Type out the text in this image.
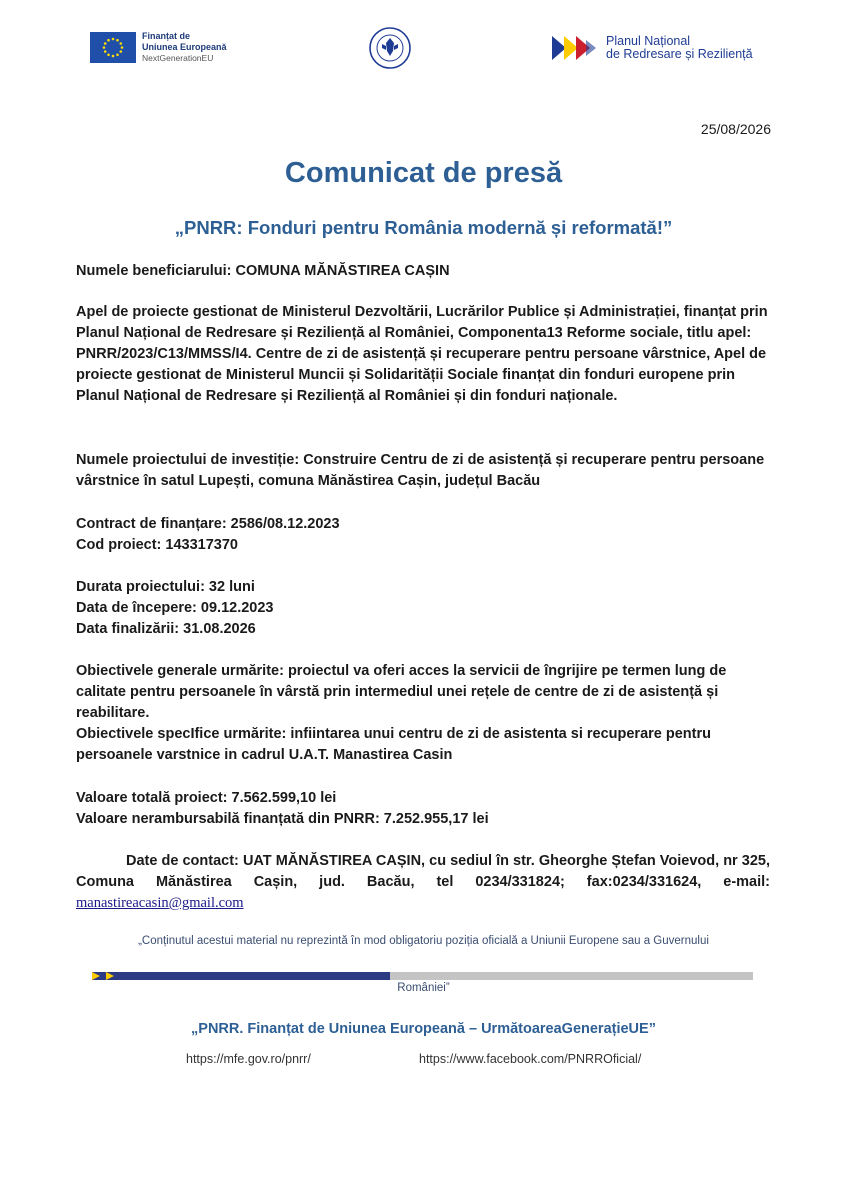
Finanțat de
Uniunea Europeană
NextGenerationEU
Planul Național
de Redresare și Reziliență
25/08/2026
Comunicat de presă
„PNRR: Fonduri pentru România modernă și reformată!”

Numele beneficiarului: COMUNA MĂNĂSTIREA CAȘIN

Apel de proiecte gestionat de Ministerul Dezvoltării, Lucrărilor Publice și Administrației, finanțat prin Planul Național de Redresare și Reziliență al României, Componenta13 Reforme sociale, titlu apel: PNRR/2023/C13/MMSS/I4. Centre de zi de asistență și recuperare pentru persoane vârstnice, Apel de proiecte gestionat de Ministerul Muncii și Solidarității Sociale finanțat din fonduri europene prin Planul Național de Redresare și Reziliență al României și din fonduri naționale.

Numele proiectului de investiție: Construire Centru de zi de asistență și recuperare pentru persoane vârstnice în satul Lupești, comuna Mănăstirea Cașin, județul Bacău

Contract de finanțare: 2586/08.12.2023

Cod proiect: 143317370

Durata proiectului: 32 luni

Data de începere: 09.12.2023

Data finalizării: 31.08.2026

Obiectivele generale urmărite: proiectul va oferi acces la servicii de îngrijire pe termen lung de calitate pentru persoanele în vârstă prin intermediul unei rețele de centre de zi de asistență și reabilitare.

Obiectivele specIfice urmărite: infiintarea unui centru de zi de asistenta si recuperare pentru persoanele varstnice in cadrul U.A.T. Manastirea Casin

Valoare totală proiect: 7.562.599,10 lei

Valoare nerambursabilă finanțată din PNRR: 7.252.955,17 lei

Date de contact: UAT MĂNĂSTIREA CAȘIN, cu sediul în str. Gheorghe Ștefan Voievod, nr 325, Comuna Mănăstirea Cașin, jud. Bacău, tel 0234/331824; fax:0234/331624, e-mail: manastireacasin@gmail.com
„Conținutul acestui material nu reprezintă în mod obligatoriu poziția oficială a Uniunii Europene sau a Guvernului
României”
„PNRR. Finanțat de Uniunea Europeană – UrmătoareaGenerațieUE”
https://mfe.gov.ro/pnrr/	https://www.facebook.com/PNRROficial/
